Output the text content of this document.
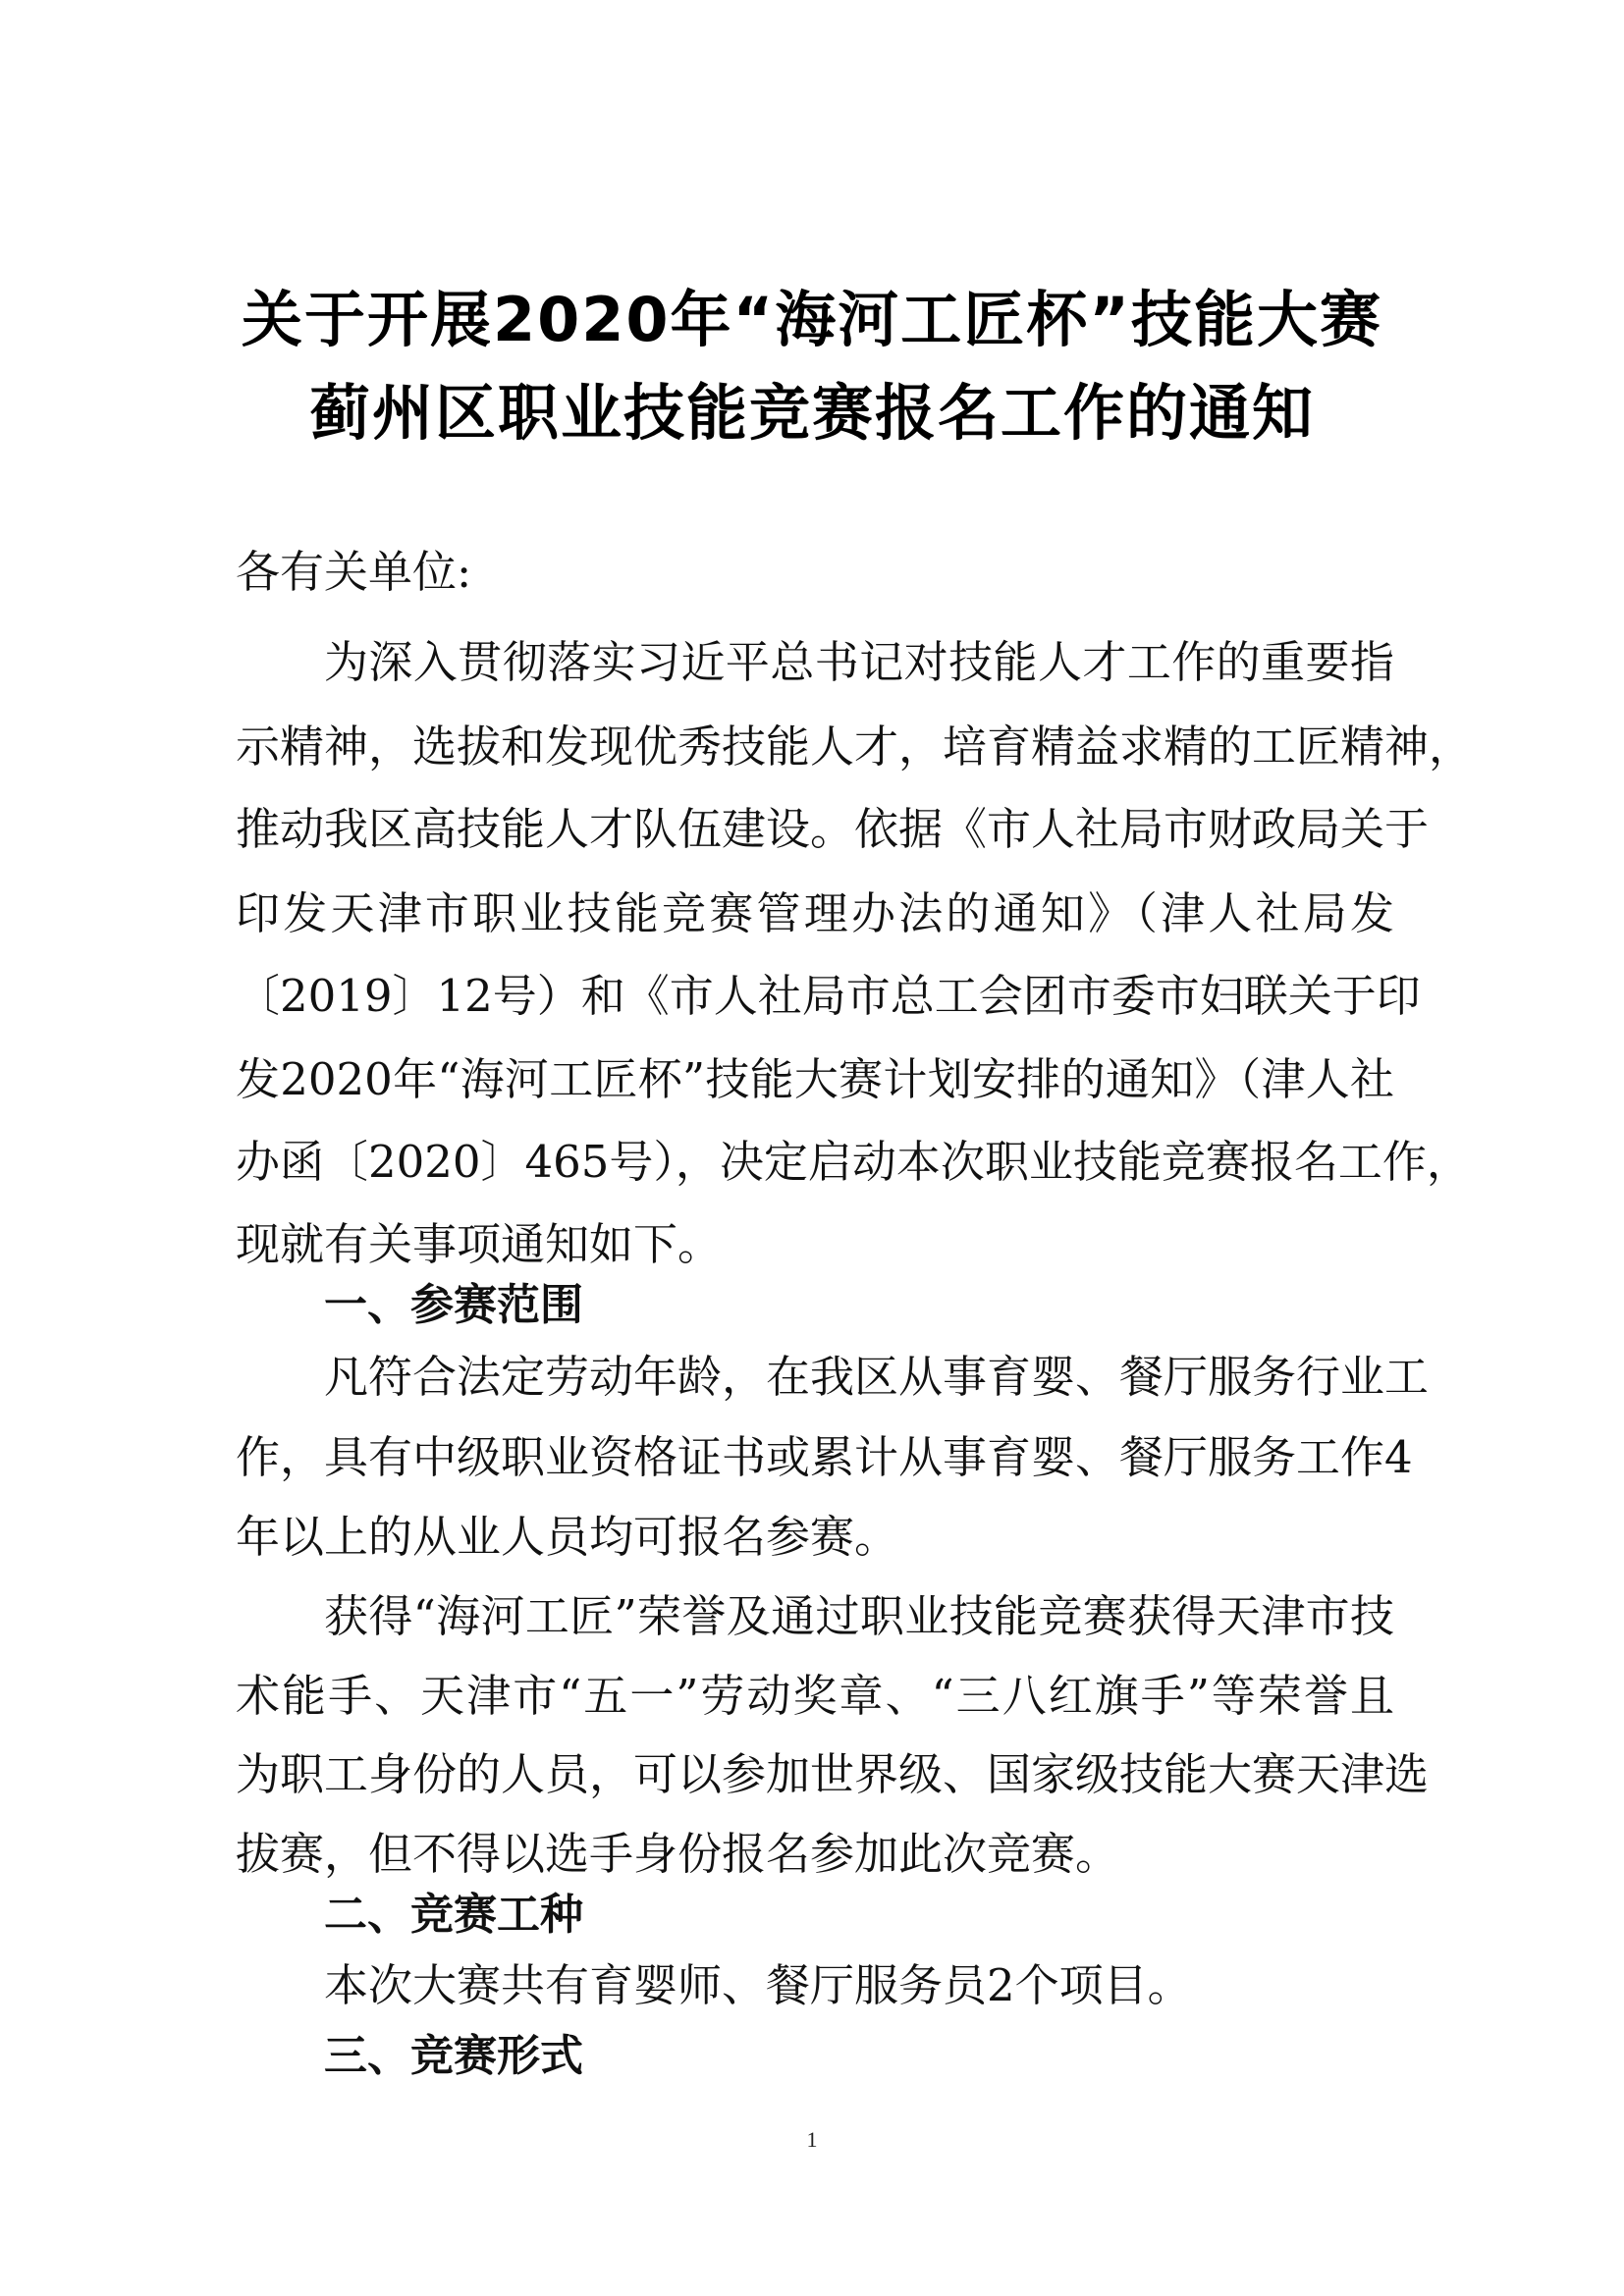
关于开展2020年“海河工匠杯”技能大赛
蓟州区职业技能竞赛报名工作的通知
各有关单位:
为深入贯彻落实习近平总书记对技能人才工作的重要指
示精神，选拔和发现优秀技能人才，培育精益求精的工匠精神，
推动我区高技能人才队伍建设。依据《市人社局市财政局关于
印发天津市职业技能竞赛管理办法的通知》（津人社局发
〔2019〕12号）和《市人社局市总工会团市委市妇联关于印
发2020年“海河工匠杯”技能大赛计划安排的通知》（津人社
办函〔2020〕465号），决定启动本次职业技能竞赛报名工作，
现就有关事项通知如下。
一、参赛范围
凡符合法定劳动年龄，在我区从事育婴、餐厅服务行业工
作，具有中级职业资格证书或累计从事育婴、餐厅服务工作4
年以上的从业人员均可报名参赛。
获得“海河工匠”荣誉及通过职业技能竞赛获得天津市技
术能手、天津市“五一”劳动奖章、“三八红旗手”等荣誉且
为职工身份的人员，可以参加世界级、国家级技能大赛天津选
拔赛，但不得以选手身份报名参加此次竞赛。
二、竞赛工种
本次大赛共有育婴师、餐厅服务员2个项目。
三、竞赛形式
1
